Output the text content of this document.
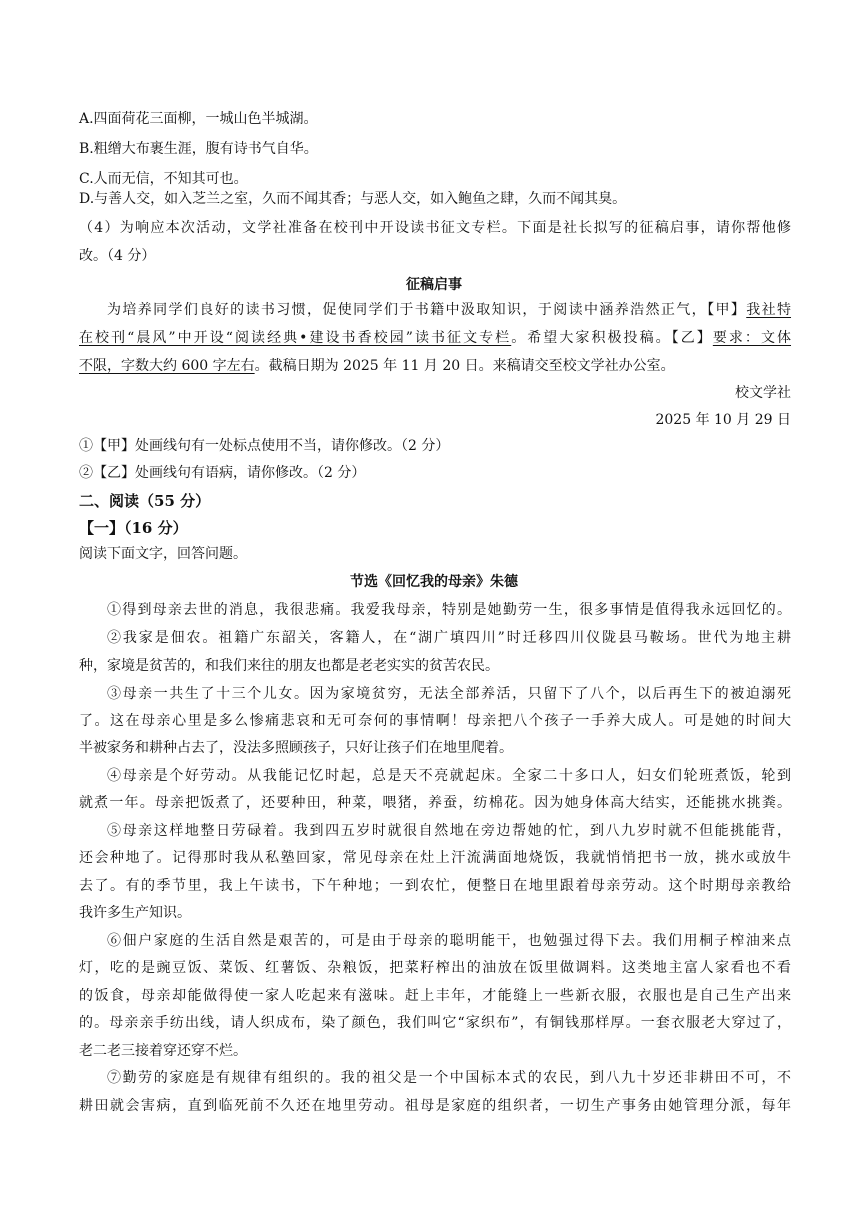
A.四面荷花三面柳，一城山色半城湖。
B.粗缯大布裹生涯，腹有诗书气自华。
C.人而无信，不知其可也。
D.与善人交，如入芝兰之室，久而不闻其香；与恶人交，如入鲍鱼之肆，久而不闻其臭。
（4）为响应本次活动，文学社准备在校刊中开设读书征文专栏。下面是社长拟写的征稿启事，请你帮他修
改。（4 分）
征稿启事
为培养同学们良好的读书习惯，促使同学们于书籍中汲取知识，于阅读中涵养浩然正气，【甲】我社特
在校刊“晨风”中开设“阅读经典•建设书香校园”读书征文专栏。希望大家积极投稿。【乙】要求：文体
不限，字数大约 600 字左右。截稿日期为 2025 年 11 月 20 日。来稿请交至校文学社办公室。
校文学社
2025 年 10 月 29 日
①【甲】处画线句有一处标点使用不当，请你修改。（2 分）
②【乙】处画线句有语病，请你修改。（2 分）
二、阅读（55 分）
【一】（16 分）
阅读下面文字，回答问题。
节选《回忆我的母亲》朱德
①得到母亲去世的消息，我很悲痛。我爱我母亲，特别是她勤劳一生，很多事情是值得我永远回忆的。
②我家是佃农。祖籍广东韶关，客籍人，在“湖广填四川”时迁移四川仪陇县马鞍场。世代为地主耕
种，家境是贫苦的，和我们来往的朋友也都是老老实实的贫苦农民。
③母亲一共生了十三个儿女。因为家境贫穷，无法全部养活，只留下了八个，以后再生下的被迫溺死
了。这在母亲心里是多么惨痛悲哀和无可奈何的事情啊！母亲把八个孩子一手养大成人。可是她的时间大
半被家务和耕种占去了，没法多照顾孩子，只好让孩子们在地里爬着。
④母亲是个好劳动。从我能记忆时起，总是天不亮就起床。全家二十多口人，妇女们轮班煮饭，轮到
就煮一年。母亲把饭煮了，还要种田，种菜，喂猪，养蚕，纺棉花。因为她身体高大结实，还能挑水挑粪。
⑤母亲这样地整日劳碌着。我到四五岁时就很自然地在旁边帮她的忙，到八九岁时就不但能挑能背，
还会种地了。记得那时我从私塾回家，常见母亲在灶上汗流满面地烧饭，我就悄悄把书一放，挑水或放牛
去了。有的季节里，我上午读书，下午种地；一到农忙，便整日在地里跟着母亲劳动。这个时期母亲教给
我许多生产知识。
⑥佃户家庭的生活自然是艰苦的，可是由于母亲的聪明能干，也勉强过得下去。我们用桐子榨油来点
灯，吃的是豌豆饭、菜饭、红薯饭、杂粮饭，把菜籽榨出的油放在饭里做调料。这类地主富人家看也不看
的饭食，母亲却能做得使一家人吃起来有滋味。赶上丰年，才能缝上一些新衣服，衣服也是自己生产出来
的。母亲亲手纺出线，请人织成布，染了颜色，我们叫它“家织布”，有铜钱那样厚。一套衣服老大穿过了，
老二老三接着穿还穿不烂。
⑦勤劳的家庭是有规律有组织的。我的祖父是一个中国标本式的农民，到八九十岁还非耕田不可，不
耕田就会害病，直到临死前不久还在地里劳动。祖母是家庭的组织者，一切生产事务由她管理分派，每年
